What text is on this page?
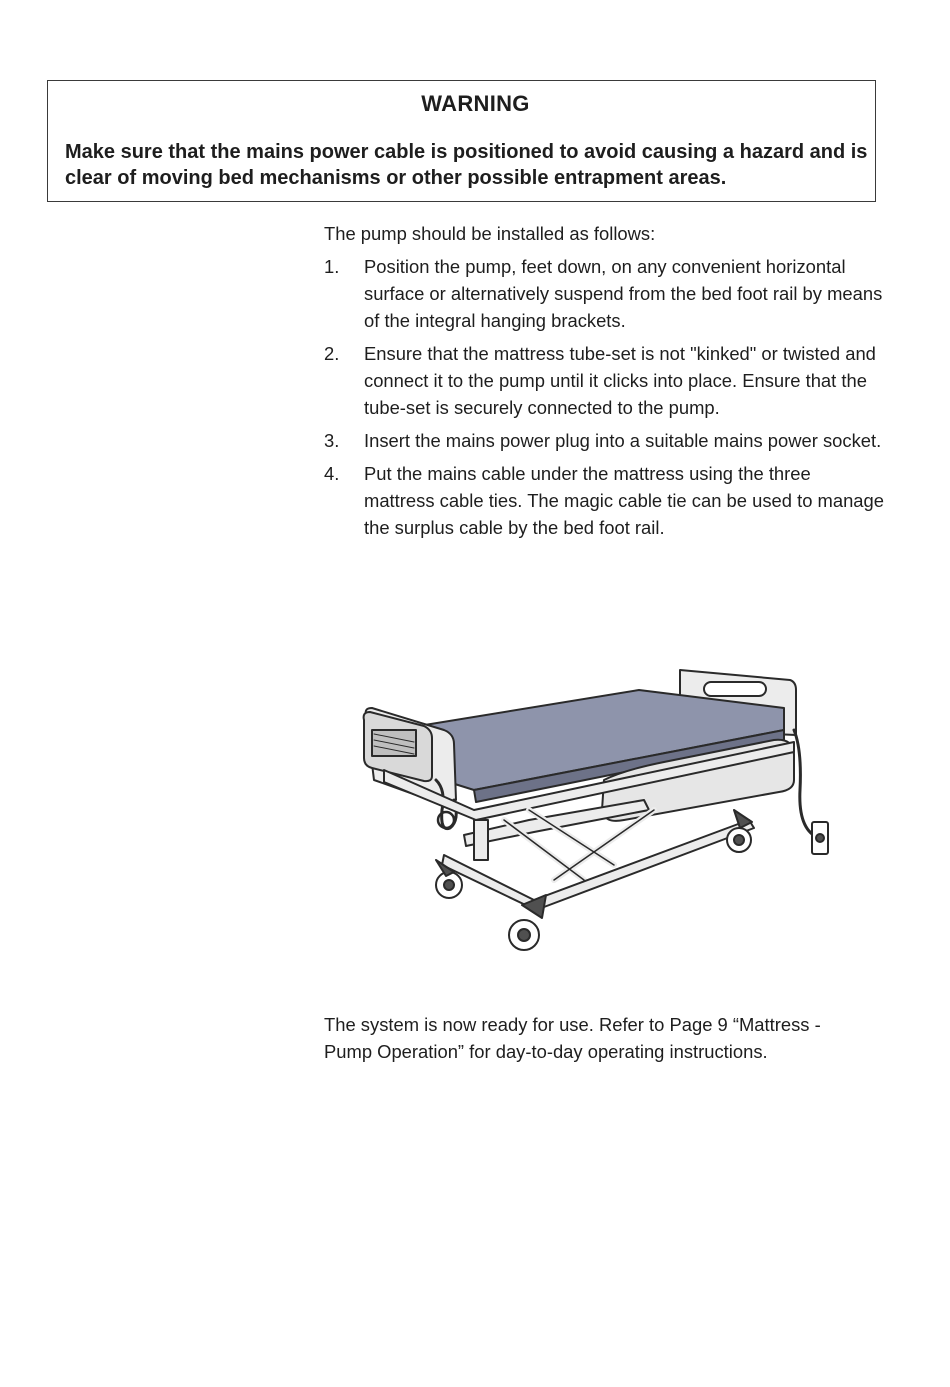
WARNING
Make sure that the mains power cable is positioned to avoid causing a hazard and is clear of moving bed mechanisms or other possible entrapment areas.
The pump should be installed as follows:
1. Position the pump, feet down, on any convenient horizontal surface or alternatively suspend from the bed foot rail by means of the integral hanging brackets.
2. Ensure that the mattress tube-set is not "kinked" or twisted and connect it to the pump until it clicks into place. Ensure that the tube-set is securely connected to the pump.
3. Insert the mains power plug into a suitable mains power socket.
4. Put the mains cable under the mattress using the three mattress cable ties. The magic cable tie can be used to manage the surplus cable by the bed foot rail.
The system is now ready for use. Refer to Page 9 “Mattress - Pump Operation” for day-to-day operating instructions.
